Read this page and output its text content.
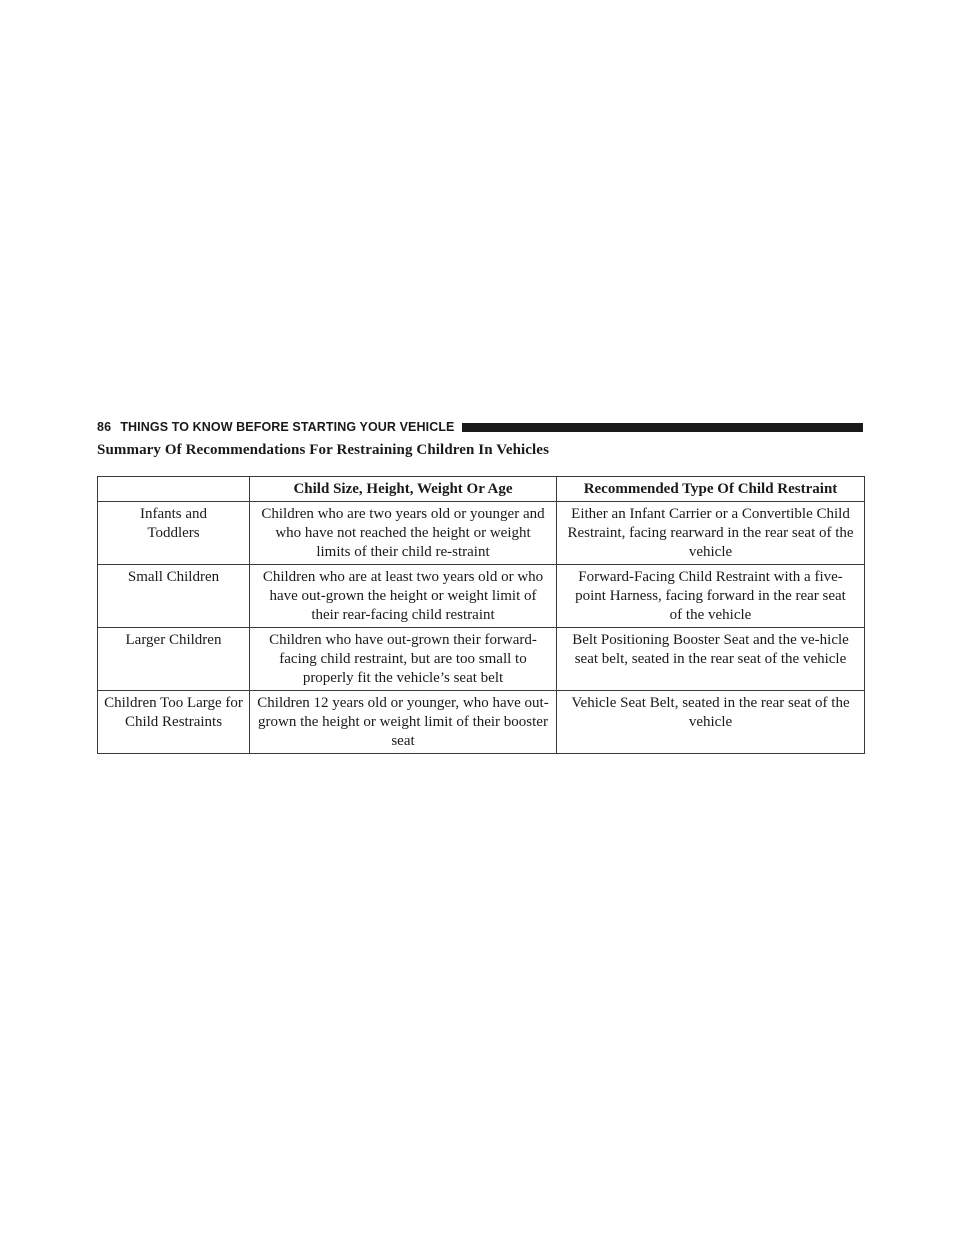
86 THINGS TO KNOW BEFORE STARTING YOUR VEHICLE
Summary Of Recommendations For Restraining Children In Vehicles
	Child Size, Height, Weight Or Age	Recommended Type Of Child Restraint
Infants and Toddlers	Children who are two years old or younger and who have not reached the height or weight limits of their child re-straint	Either an Infant Carrier or a Convertible Child Restraint, facing rearward in the rear seat of the vehicle
Small Children	Children who are at least two years old or who have out-grown the height or weight limit of their rear-facing child restraint	Forward-Facing Child Restraint with a five-point Harness, facing forward in the rear seat of the vehicle
Larger Children	Children who have out-grown their forward-facing child restraint, but are too small to properly fit the vehicle’s seat belt	Belt Positioning Booster Seat and the ve-hicle seat belt, seated in the rear seat of the vehicle
Children Too Large for Child Restraints	Children 12 years old or younger, who have out-grown the height or weight limit of their booster seat	Vehicle Seat Belt, seated in the rear seat of the vehicle
